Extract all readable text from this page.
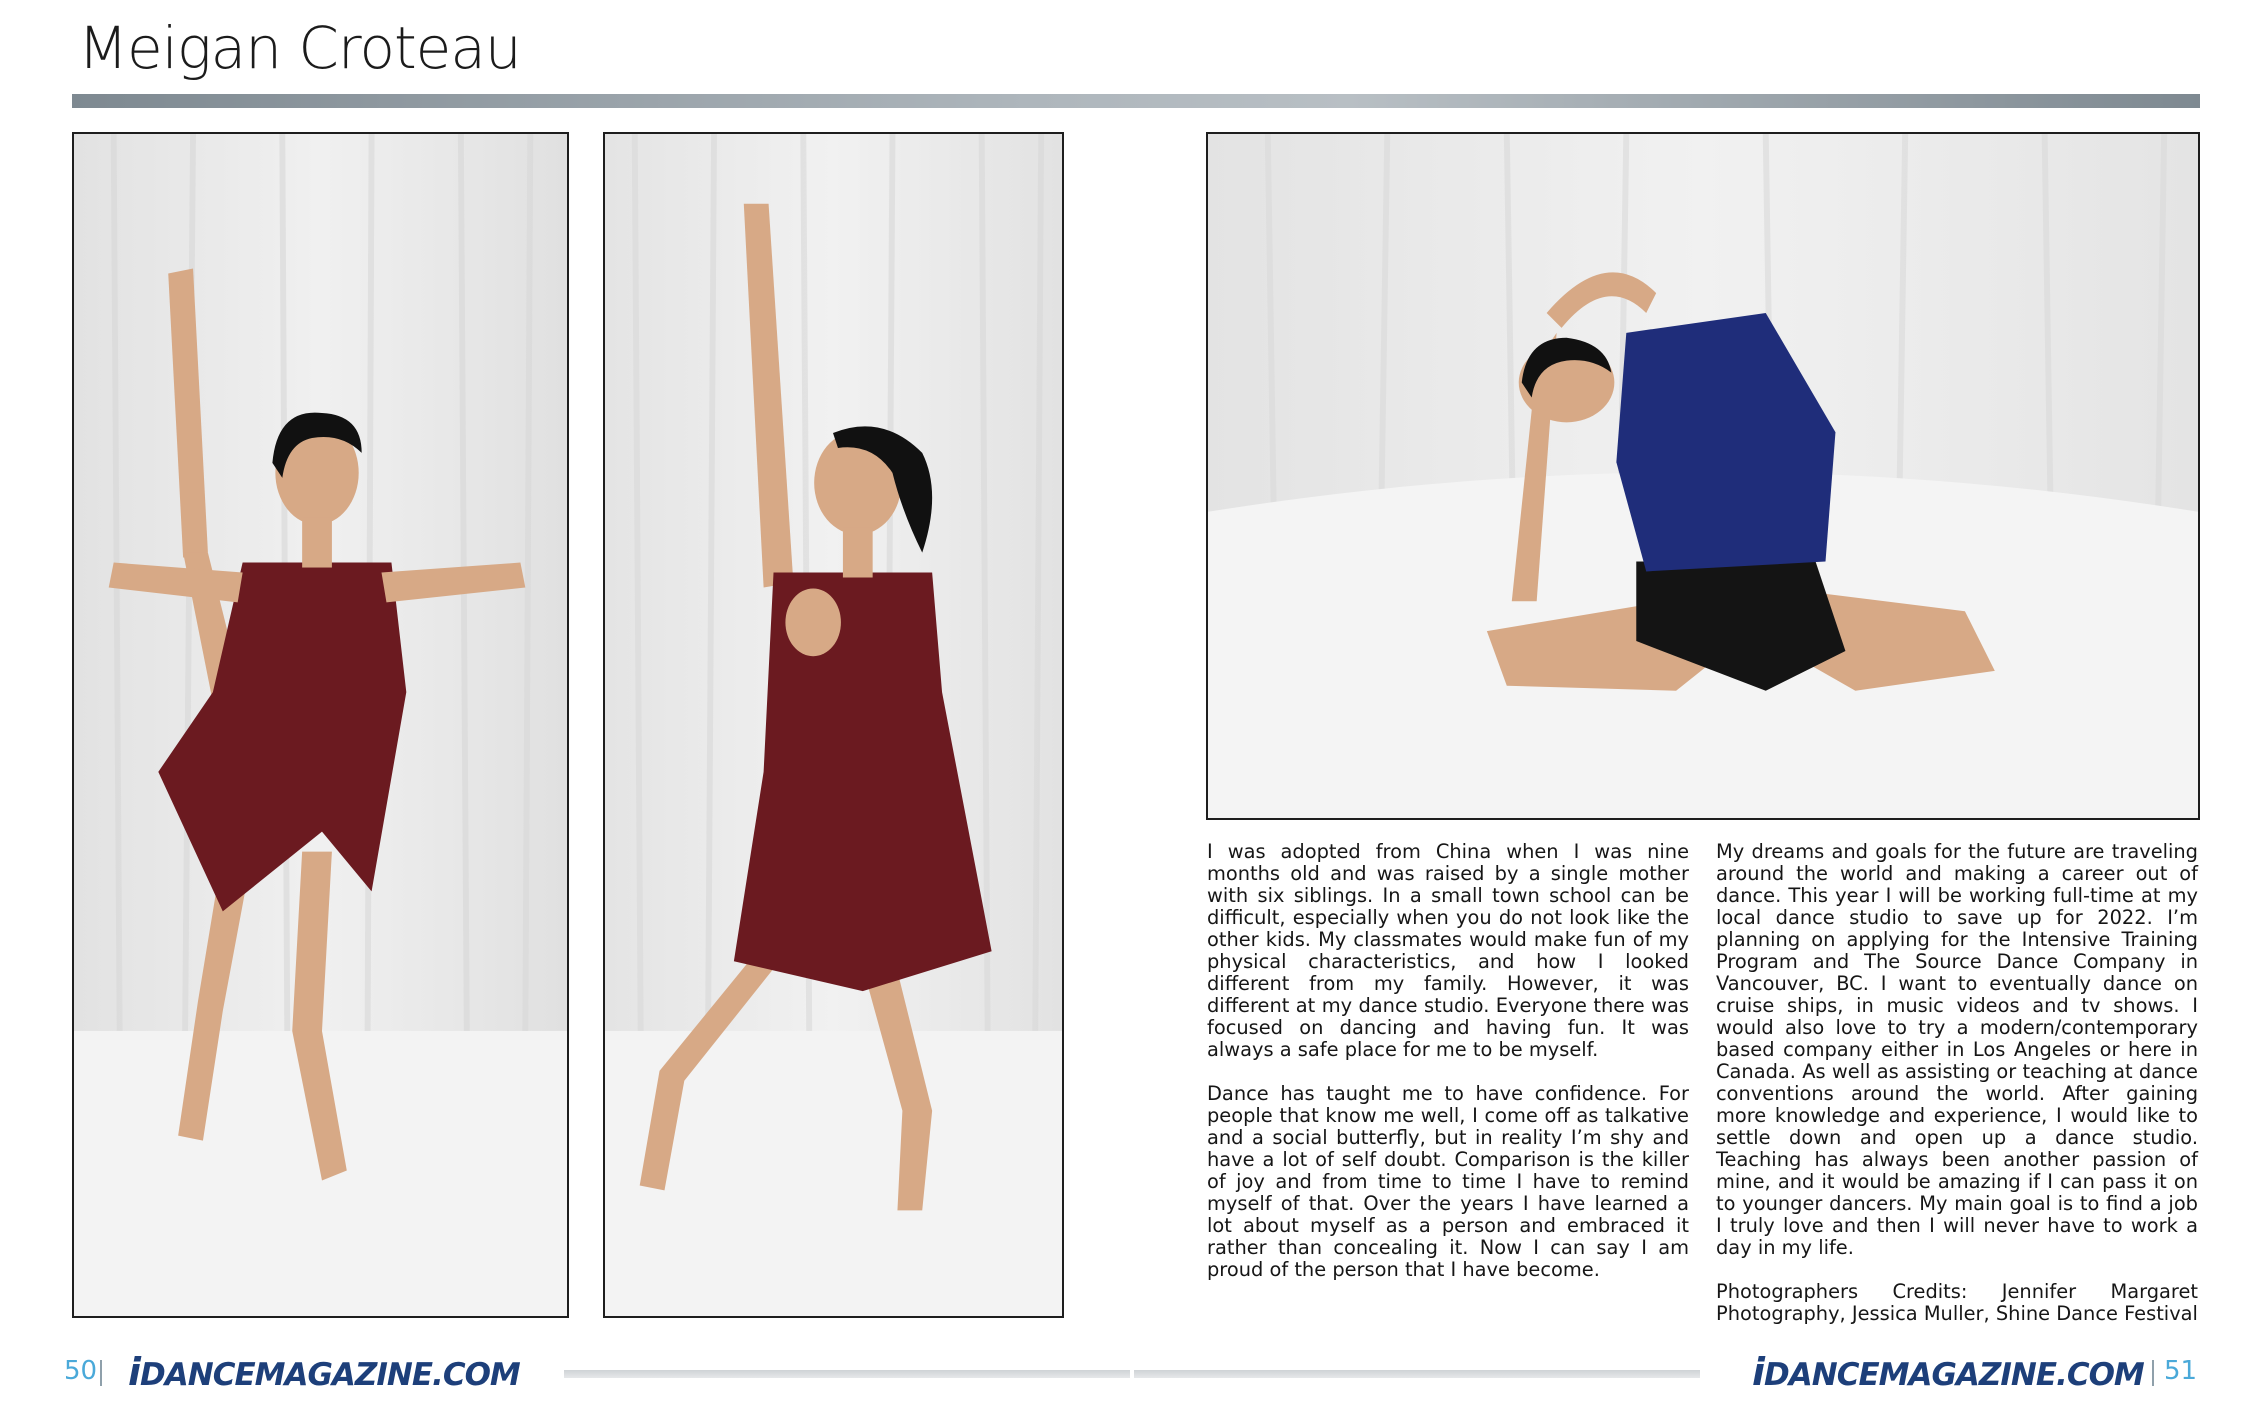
Meigan Croteau

I was adopted from China when I was nine months old and was raised by a single mother with six siblings. In a small town school can be difficult, especially when you do not look like the other kids. My classmates would make fun of my physical characteristics, and how I looked different from my family. However, it was different at my dance studio. Everyone there was focused on dancing and having fun. It was always a safe place for me to be myself.

Dance has taught me to have confidence. For people that know me well, I come off as talkative and a social butterfly, but in reality I’m shy and have a lot of self doubt. Comparison is the killer of joy and from time to time I have to remind myself of that. Over the years I have learned a lot about myself as a person and embraced it rather than concealing it. Now I can say I am proud of the person that I have become.

My dreams and goals for the future are traveling around the world and making a career out of dance. This year I will be working full-time at my local dance studio to save up for 2022. I’m planning on applying for the Intensive Training Program and The Source Dance Company in Vancouver, BC. I want to eventually dance on cruise ships, in music videos and tv shows. I would also love to try a modern/contemporary based company either in Los Angeles or here in Canada. As well as assisting or teaching at dance conventions around the world. After gaining more knowledge and experience, I would like to settle down and open up a dance studio. Teaching has always been another passion of mine, and it would be amazing if I can pass it on to younger dancers. My main goal is to find a job I truly love and then I will never have to work a day in my life.

Photographers Credits: Jennifer Margaret Photography, Jessica Muller, Shine Dance Festival

50 iDANCEMAGAZINE.COM	iDANCEMAGAZINE.COM 51
